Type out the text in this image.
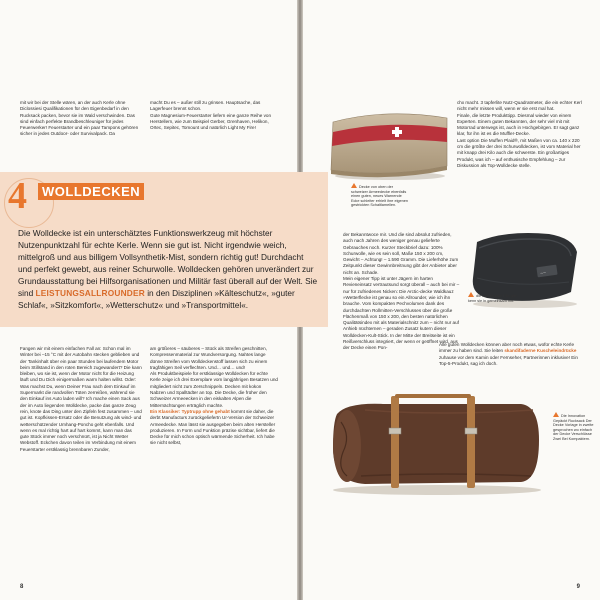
mit wir bei der Stelle wären, an der auch Kerle ohne Diclossiesi Qualifikationen für den Eigenbedarf in den Rucksack packen, bevor sie im Wald verschwinden. Das sind einfach perfekte Brandbeschleuniger für jedes Feuerwerker! Feuerstarter und ein paar Tampons gehören sicher in jedes Outdoor- oder Survivalpack. Da

macht Du es – außer still zu grinsen. Hauptsache, das Lagerfeuer brennt schon.
Gute Magnesium-Feuerstarter liefern eine ganze Reihe von Herstellern, wie zum Beispiel Gerber, Grenhaven, Helikon, Ortec, Sepitec, Tomount und natürlich Light My Fire!

Fangen wir mit einem einfachen Fall an: Schon mal im Winter bei –15 °C mit der Autobahn stecken geblieben und der Tankinhalt über ein paar Stunden bei laufendem Motor beim Stillstand in den roten Bereich zugewandert? Die kann bleiben, wo sie ist, wenn der Motor nicht für die Heizung läuft und Du Dich einigermaßen warm halten willst. Oder: Was machst Du, wenn Deiner Frau nach dem Einkauf im Supermarkt die randvollen Tüten zerreißen, während sie den Einkauf ins Auto laden will? Ich mache einen Sack aus der im Auto liegenden Wolldecke, packe das ganze Zeug rein, knote das Ding unter den Zipfeln fest zusammen – und gut ist. Kopfkissen-Ersatz oder die Benutzung als wind- und wetterschützender Umhang-Poncho geht ebenfalls. Und wenn es mal richtig hart auf hart kommt, kann man das gute Stück immer noch verschnürt, ist ja Nicht Wetter Webstoff. Eckchen davon teilen im Verbindung mit einem Feuerstarter erstklassig brennbaren Zunder,

am größeres – säuberes – Stück als Streifen geschnitten, Kompressenmaterial zur Wundversorgung. Nahtes lange dünne Streifen vom Wolldeckenstoff lassen sich zu einem tragfähigen Seil verflechten. Und… und… und!
Als Produktbeispiele für erstklassige Wolldecken für echte Kerle zeige ich drei Exemplare vom langjährigen Besatzen und mitgliedert nicht zum Zerschnippeln. Decken mit kokon Nabzen und Spalltädter an top. Die Decke, die früher den Schweizer Armeeecken in den eiskalten Alpen die Mitternächtungen erträglich machte.
Ein Klassiker: Typtrupp ohne gehabt kommt sie daher, die derbt Manufacturs zurückgeliefertn Ur-Version der Schweizer Armeedecke. Man lässt sie ausgegeben beim alten Hersteller produzieren. In Form und Funktion präzise sichtbar, liefert die Decke für mich schon optisch wärmende Sicherheit. Ich habe sie nicht selbst,

8

Decke von oben der schweizer Armeedecke ebenfalls einen guten, neues Warnende Ecke schleiter erhielt ihre eigenen gestrickten Schaltlamellen.

chx macht. 3 tapferlite Nutz-Quadratmeter, die ein echter Kerl nicht mehr missen will, wenn er sie erst mal hat.
Finale, die letzte Produkttipp. Diesmal wieder von einem Experten. Einem guten Bekannten, der sehr viel mit mit Motorrad unterwegs ist, auch in Hochgebirgen. Er sagt ganz klar, für ihn ist es die Muffler-Decke.
Last option Die Muffen Plaid®, mit Maßen von ca. 140 x 220 cm die größte der drei Schurwolldecken, ist vom Material her mit knapp drei Kilo auch die schwerste. Ein großartiges Produkt, was ich – auf enthusische Empfehlung – zur Diskussion als Top-Wolldecke stelle.

der Bekanntwoce mir. Und die sind absolut zufrieden, auch nach Jahren des weniger genau gelieferte Gebrauches noch. Kurzer Steckbrief dazu: 100% Schurwolle, wie es sein soll, Maße 150 x 200 cm, Gewicht – Achtung! – 1.590 Gramm. Die Lieferhöhe zum Zeitpunkt dieser Gewinnbreitnung gibt der Anbieter aber nicht an. Schade.
Mein eigener Tipp ist unter Jägern im harten Revieneinsatz vertrautsund sorgt überall – auch bei mir – nur für zufriedenes Nicken: Die Arctic-decke Waldkauz »Wetterflecke ist genau so ein Allrounder, wie ich ihn brauche. Vom kompakten Pechvolumen dank des durchdachten Rollmitten-Verschlusses über die große Flächenmaß von 150 x 200, den besten natürlichen Qualitätsindex mit als Materialschnitz zum – nicht nur auf Anhieb nüchternen – geraden Zusatz kutern dieser Wolldecken-Kult-Stick. In der Mitte der Breitseite ist ein Reißverschluss integriert, der wenn er geöffnet wird, aus der Decke einen Pon-

~~

die wunderbare Eile gibt kenn sie in gemeinsam mit.

Alle guten Wolldecken können aber noch etwas, wofür echte Kerle immer zu haben sind. Sie leiten skandifaderne Kuscheleindrücke zuhause vor dem Kamin oder Fernseher, Partnerinnen inklusive! Ein Top-5-Produkt, sag ich doch.

Die Innovation Gepäckt Rucksack Der Decke Vorlage in zweite gesprochen wo einfach der Decke Verschlüsse Zwei Bei Kompaktem.

9
4	WOLLDECKEN

Die Wolldecke ist ein unterschätztes Funktionswerkzeug mit höchster Nutzenpunktzahl für echte Kerle. Wenn sie gut ist. Nicht irgendwie weich, mittelgroß und aus billigem Vollsynthetik-Mist, sondern richtig gut! Durchdacht und perfekt gewebt, aus reiner Schurwolle. Wolldecken gehören unverändert zur Grundausstattung bei Hilfsorganisationen und Militär fast überall auf der Welt. Sie sind LEISTUNGSALLROUNDER in den Disziplinen »Kälteschutz«, »guter Schlaf«, »Sitzkomfort«, »Wetterschutz« und »Transportmittel«.
